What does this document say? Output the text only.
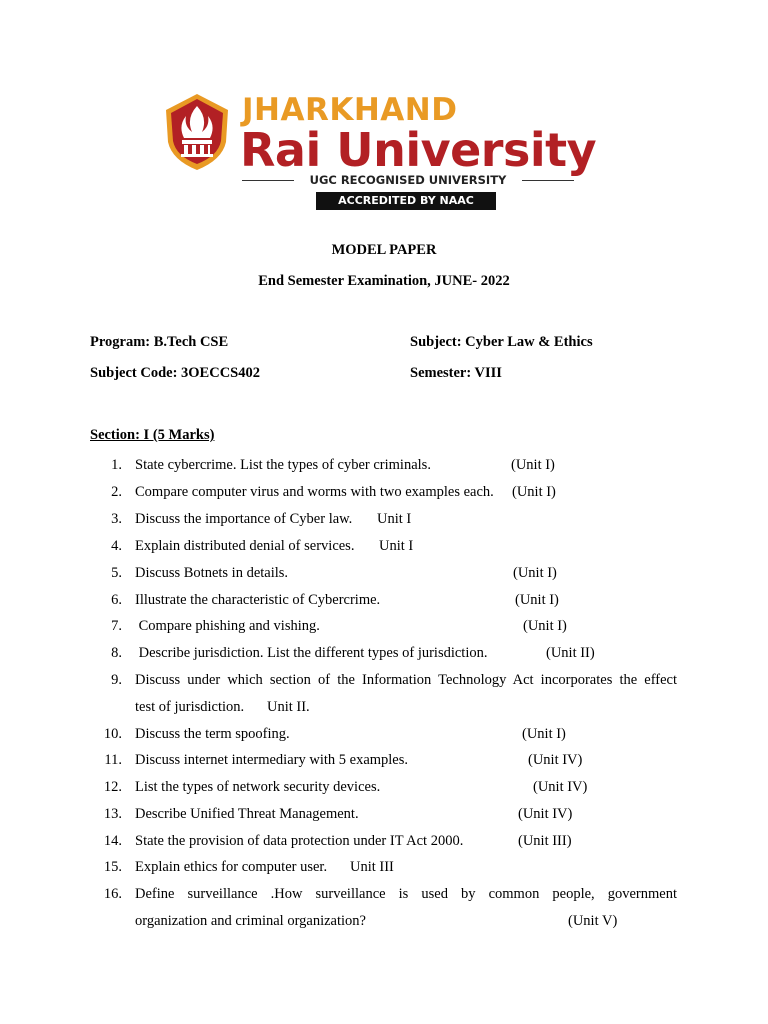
JHARKHAND
Rai University
UGC RECOGNISED UNIVERSITY
ACCREDITED BY NAAC
MODEL PAPER
End Semester Examination, JUNE- 2022
Program: B.Tech CSE	Subject: Cyber Law & Ethics
Subject Code: 3OECCS402	Semester: VIII
Section: I (5 Marks)
1. State cybercrime. List the types of cyber criminals.	(Unit I)
2. Compare computer virus and worms with two examples each. (Unit I)
3. Discuss the importance of Cyber law. Unit I
4. Explain distributed denial of services. Unit I
5. Discuss Botnets in details.	(Unit I)
6. Illustrate the characteristic of Cybercrime.	(Unit I)
7. Compare phishing and vishing.	(Unit I)
8. Describe jurisdiction. List the different types of jurisdiction.	(Unit II)
9. Discuss under which section of the Information Technology Act incorporates the effect
test of jurisdiction. Unit II.
10. Discuss the term spoofing.	(Unit I)
11. Discuss internet intermediary with 5 examples.	(Unit IV)
12. List the types of network security devices.	(Unit IV)
13. Describe Unified Threat Management.	(Unit IV)
14. State the provision of data protection under IT Act 2000.	(Unit III)
15. Explain ethics for computer user. Unit III
16. Define surveillance .How surveillance is used by common people, government
organization and criminal organization?	(Unit V)
